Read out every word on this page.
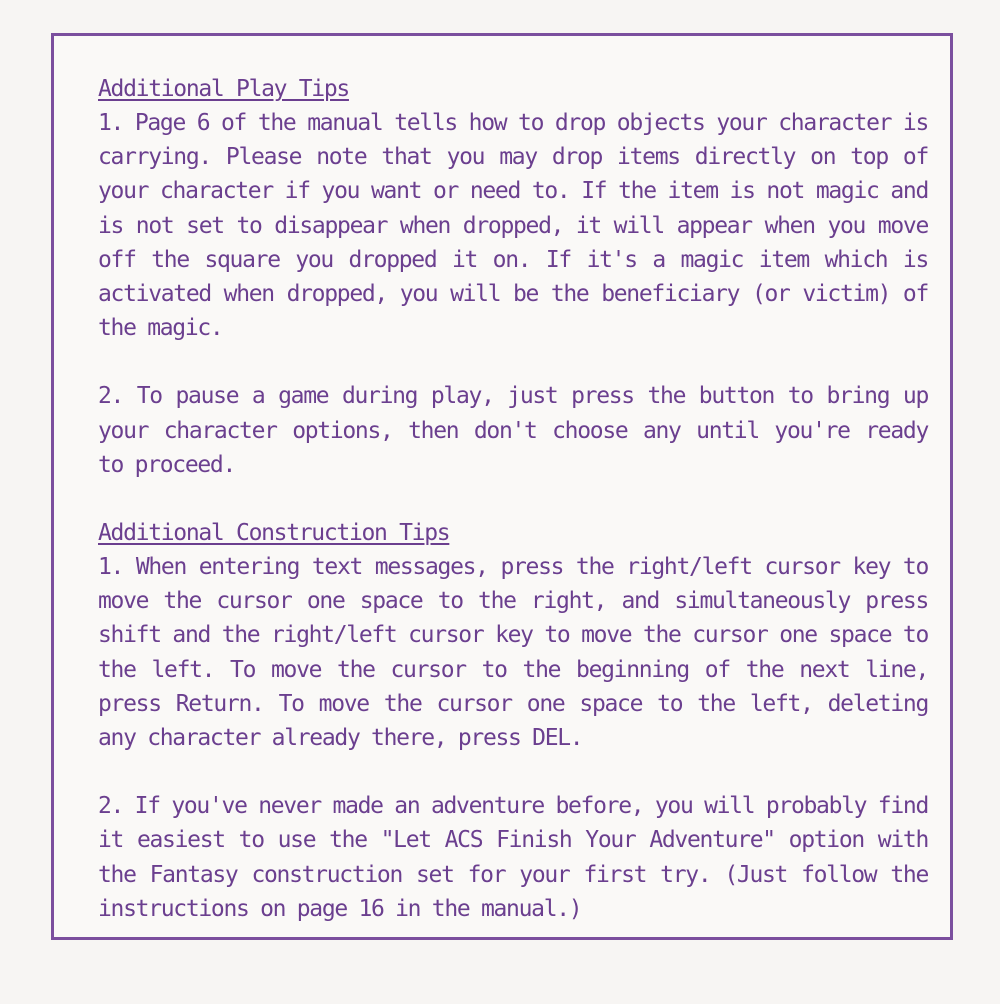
Additional Play Tips

1. Page 6 of the manual tells how to drop objects your character is carrying. Please note that you may drop items directly on top of your character if you want or need to. If the item is not magic and is not set to disappear when dropped, it will appear when you move off the square you dropped it on. If it's a magic item which is activated when dropped, you will be the beneficiary (or victim) of the magic.

2. To pause a game during play, just press the button to bring up your character options, then don't choose any until you're ready to proceed.

Additional Construction Tips

1. When entering text messages, press the right/left cursor key to move the cursor one space to the right, and simultaneously press shift and the right/left cursor key to move the cursor one space to the left. To move the cursor to the beginning of the next line, press Return. To move the cursor one space to the left, deleting any character already there, press DEL.

2. If you've never made an adventure before, you will probably find it easiest to use the "Let ACS Finish Your Adventure" option with the Fantasy construction set for your first try. (Just follow the instructions on page 16 in the manual.)
